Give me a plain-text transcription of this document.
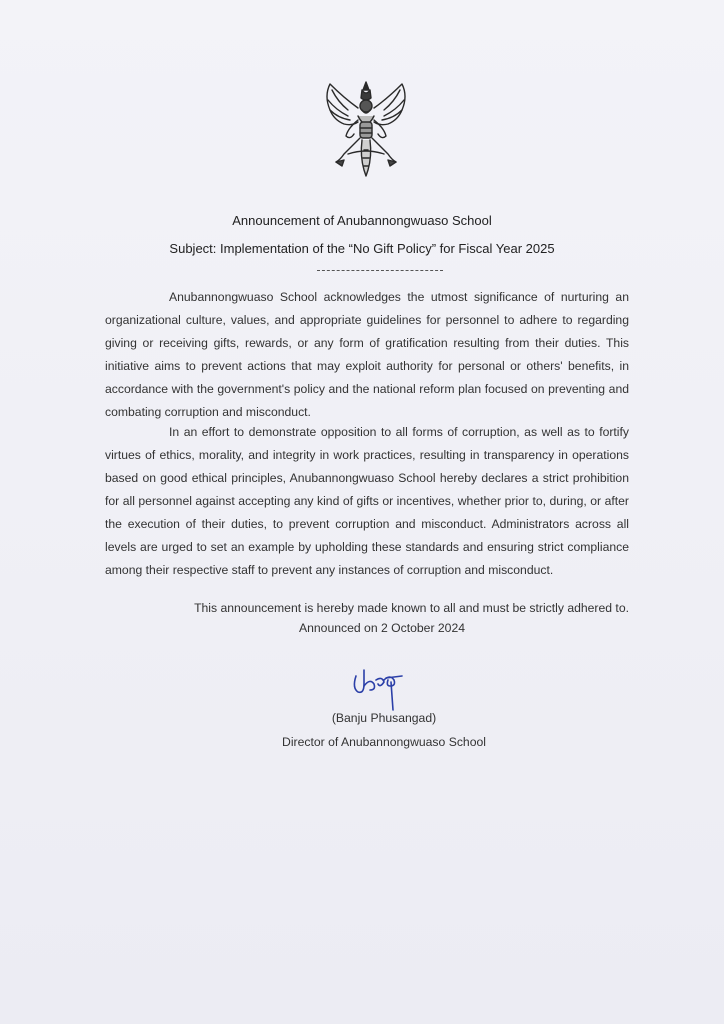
Announcement of Anubannongwuaso School
Subject: Implementation of the “No Gift Policy” for Fiscal Year 2025
Anubannongwuaso School acknowledges the utmost significance of nurturing an organizational culture, values, and appropriate guidelines for personnel to adhere to regarding giving or receiving gifts, rewards, or any form of gratification resulting from their duties. This initiative aims to prevent actions that may exploit authority for personal or others' benefits, in accordance with the government's policy and the national reform plan focused on preventing and combating corruption and misconduct.
In an effort to demonstrate opposition to all forms of corruption, as well as to fortify virtues of ethics, morality, and integrity in work practices, resulting in transparency in operations based on good ethical principles, Anubannongwuaso School hereby declares a strict prohibition for all personnel against accepting any kind of gifts or incentives, whether prior to, during, or after the execution of their duties, to prevent corruption and misconduct. Administrators across all levels are urged to set an example by upholding these standards and ensuring strict compliance among their respective staff to prevent any instances of corruption and misconduct.
This announcement is hereby made known to all and must be strictly adhered to.
Announced on 2 October 2024
(Banju Phusangad)
Director of Anubannongwuaso School
